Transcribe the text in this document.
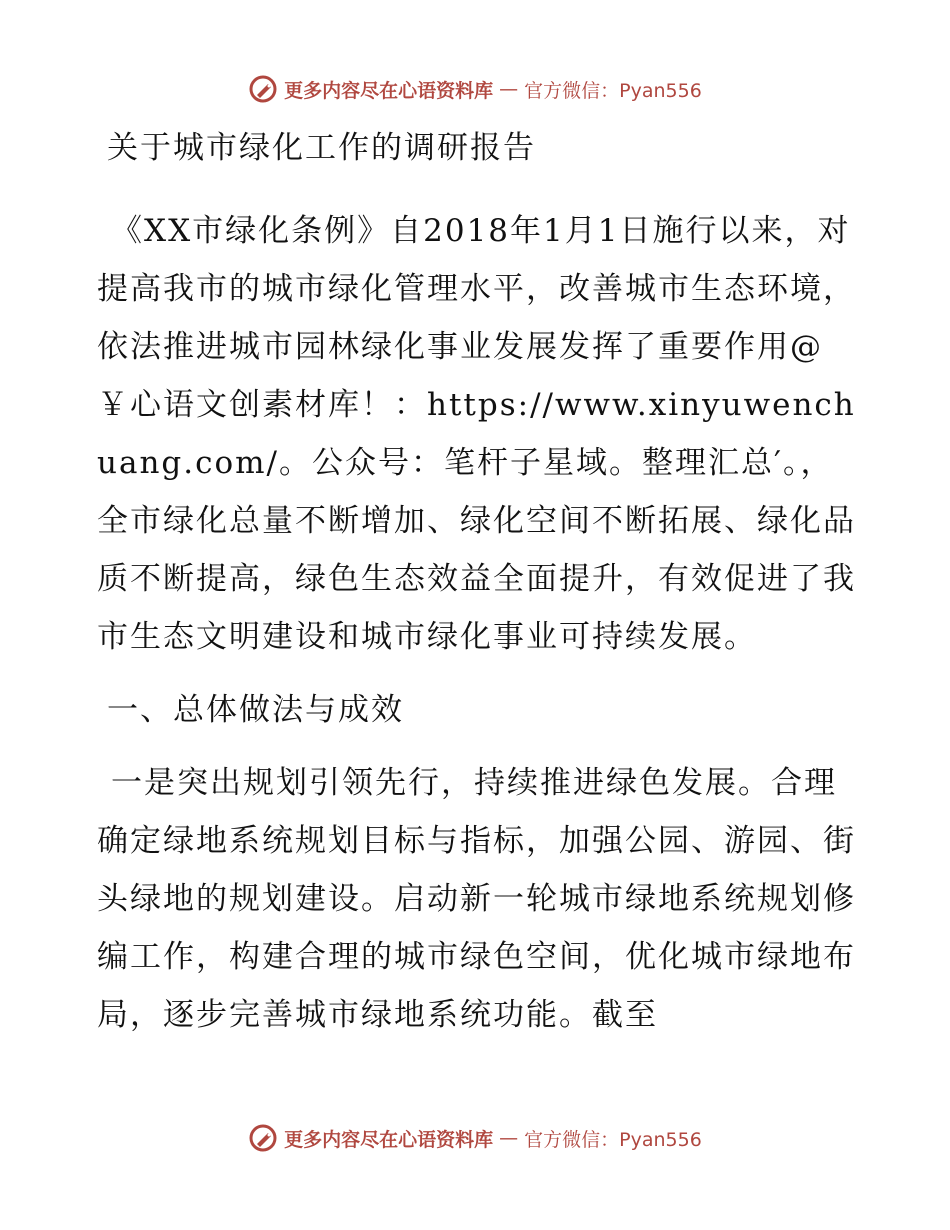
更多内容尽在心语资料库 — 官方微信：Pyan556
关于城市绿化工作的调研报告

《XX市绿化条例》自2018年1月1日施行以来，对提高我市的城市绿化管理水平，改善城市生态环境，依法推进城市园林绿化事业发展发挥了重要作用@￥心语文创素材库！：https://www.xinyuwenchuang.com/。公众号：笔杆子星域。整理汇总′。，全市绿化总量不断增加、绿化空间不断拓展、绿化品质不断提高，绿色生态效益全面提升，有效促进了我市生态文明建设和城市绿化事业可持续发展。

一、总体做法与成效

一是突出规划引领先行，持续推进绿色发展。合理确定绿地系统规划目标与指标，加强公园、游园、街头绿地的规划建设。启动新一轮城市绿地系统规划修编工作，构建合理的城市绿色空间，优化城市绿地布局，逐步完善城市绿地系统功能。截至

更多内容尽在心语资料库 — 官方微信：Pyan556
